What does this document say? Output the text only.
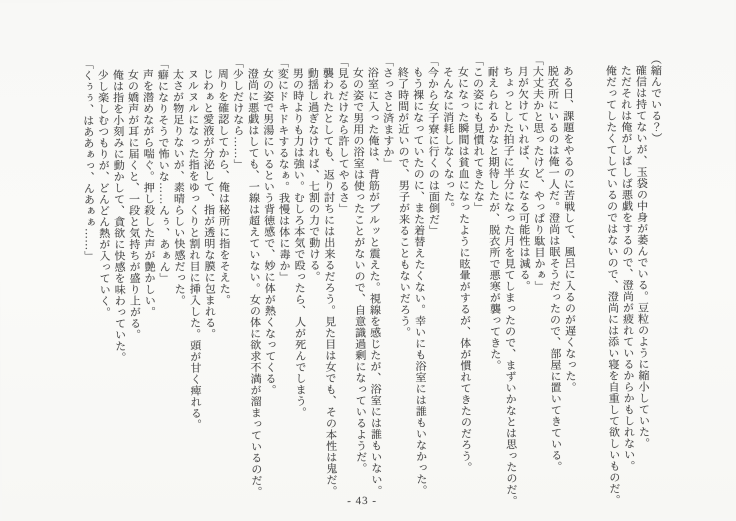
（縮んでいる？）

確信は持てないが、玉袋の中身が萎んでいる。豆粒のように縮小していた。

ただそれは俺がしばしば悪戯をするので、澄尚が疲れているからかもしれない。

俺だってしたくてしているのではないので、澄尚には添い寝を自重して欲しいものだ。

ある日、課題をやるのに苦戦して、風呂に入るのが遅くなった。

脱衣所にいるのは俺一人だ。澄尚は眠そうだったので、部屋に置いてきている。

「大丈夫かと思ったけど、やっぱり駄目かぁ」

月が欠けていれば、女になる可能性は減る。

ちょっとした拍子に半分になった月を見てしまったので、まずいかなとは思ったのだ。

耐えられるかなと期待したが、脱衣所で悪寒が襲ってきた。

「この姿にも見慣れてきたな」

女になった瞬間は貧血になったように眩暈がするが、体が慣れてきたのだろう。

そんなに消耗しなくなった。

「今から女子寮に行くのは面倒だ」

もう裸になっていたのに、また着替えたくない。幸いにも浴室には誰もいなかった。

終了時間が近いので、男子が来ることもないだろう。

「さっさと済ますか」

浴室に入った俺は、背筋がブルッと震えた。視線を感じたが、浴室には誰もいない。

女の姿で男用の浴室は使ったことがないので、自意識過剰になっているようだ。

「見るだけなら許してやるさ」

襲われたとしても、返り討ちには出来るだろう。見た目は女でも、その本性は鬼だ。

動揺し過ぎなければ、七割の力で動ける。

男の時よりも力は強い。むしろ本気で殴ったら、人が死んでしまう。

「変にドキドキするなぁ。我慢は体に毒か」

女の姿で男湯にいるという背徳感で、妙に体が熱くなってくる。

澄尚に悪戯はしても、一線は超えていない。女の体に欲求不満が溜まっているのだ。

「少しだけなら……」

周りを確認してから、俺は秘所に指をそえた。

じわぁと愛液が分泌して、指が透明な膜に包まれる。

ヌルヌルになった指をゆっくりと割れ目に挿入した。頭が甘く痺れる。

太さが物足りないが、素晴らしい快感だった。

「癖になりそうで怖いな……んぅ、あぁん」

声を潜めながら喘ぐ。押し殺した声が艶かしい。

女の嬌声が耳に届くと、一段と気持ちが盛り上がる。

俺は指を小刻みに動かして、貪欲に快感を味わっていた。

少し楽しむつもりが、どんどん熱が入っていく。

「くぅぅ、はああぁっ、んあぁぁ……」

- 43 -
